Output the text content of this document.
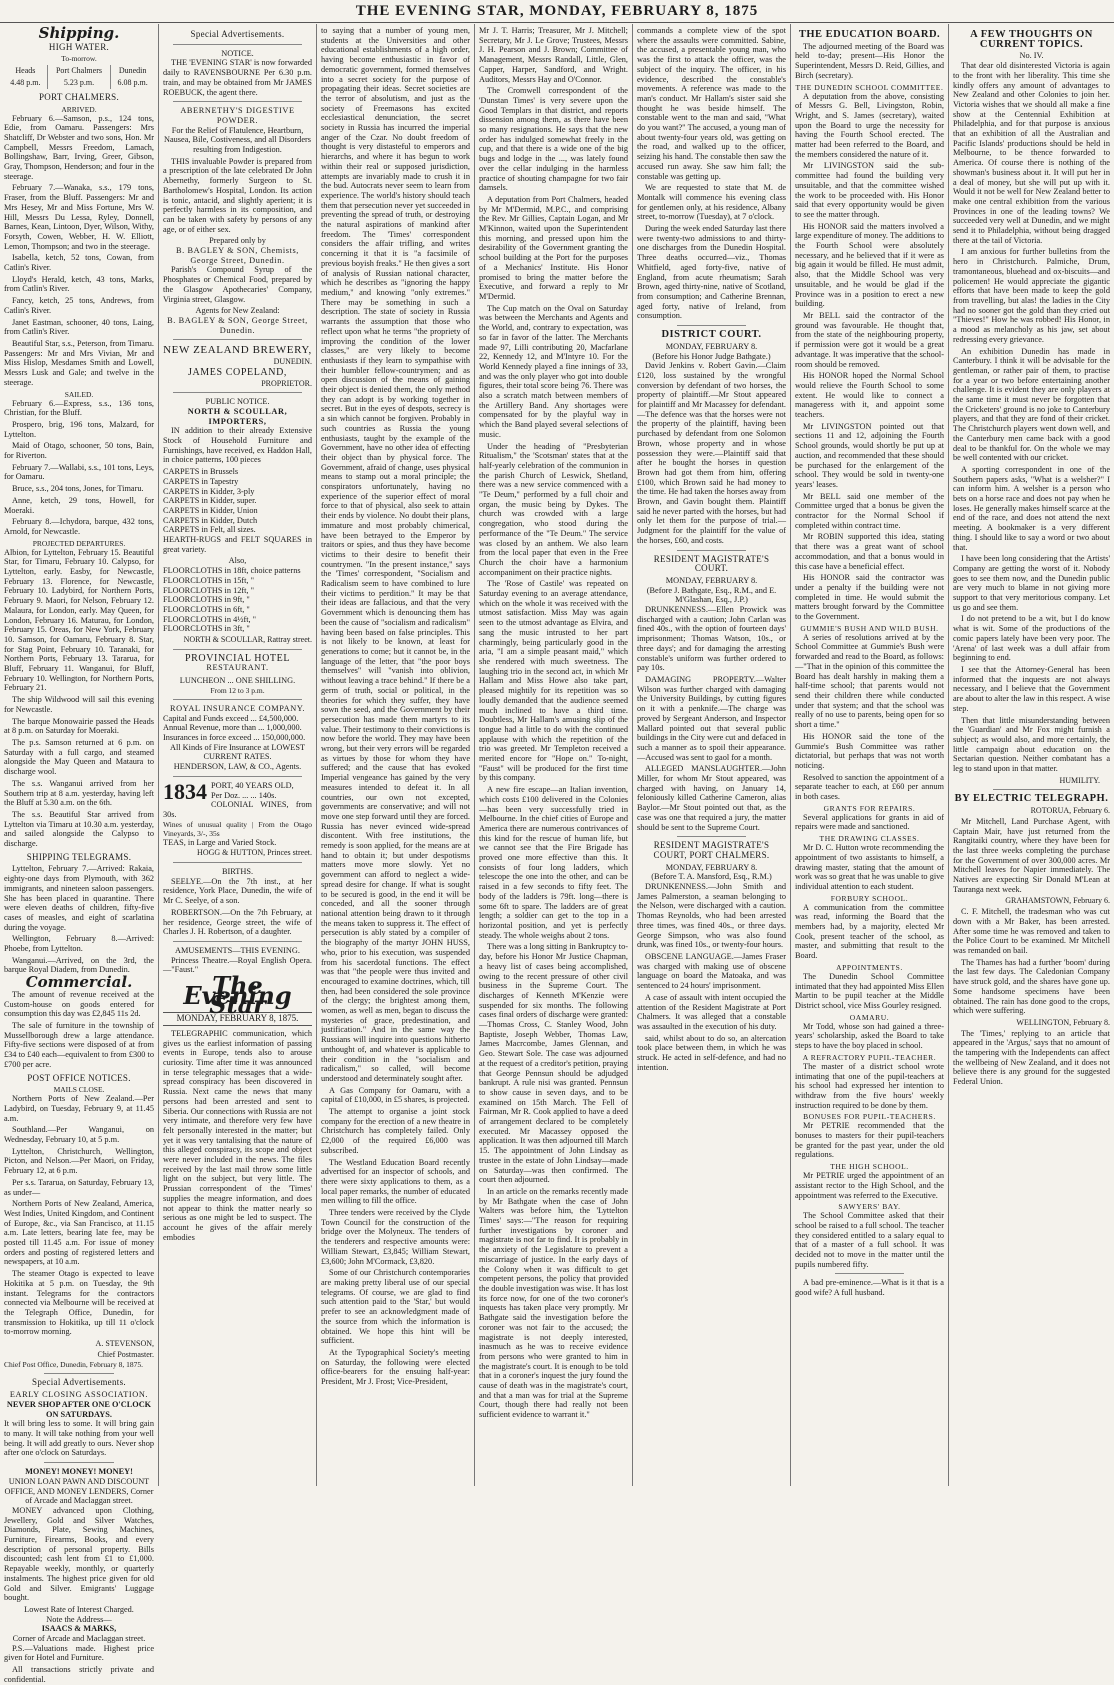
THE EVENING STAR, MONDAY, FEBRUARY 8, 1875
Shipping.
HIGH WATER.
To-morrow.
Heads	Port Chalmers	Dunedin
4.48 p.m.	5.23 p.m.	6.08 p.m.
PORT CHALMERS.
ARRIVED.

February 6.—Samson, p.s., 124 tons, Edie, from Oamaru. Passengers: Mrs Shatcliff, Dr Webster and two sons, Hon. Mr Campbell, Messrs Freedom, Lamach, Bollingshaw, Barr, Irving, Greer, Gibson, Gray, Thompson, Henderson; and four in the steerage.

February 7.—Wanaka, s.s., 179 tons, Fraser, from the Bluff. Passengers: Mr and Mrs Hesey, Mr and Miss Fortune, Mrs W. Hill, Messrs Du Lessa, Ryley, Donnell, Barnes, Kean, Lintoon, Dyer, Wilson, Withy, Forsyth, Cowen, Webber, H. W. Elliott, Lemon, Thompson; and two in the steerage.

Isabella, ketch, 52 tons, Cowan, from Catlin's River.

Lloyd's Herald, ketch, 43 tons, Marks, from Catlin's River.

Fancy, ketch, 25 tons, Andrews, from Catlin's River.

Janet Eastman, schooner, 40 tons, Laing, from Catlin's River.

Beautiful Star, s.s., Peterson, from Timaru. Passengers: Mr and Mrs Vivian, Mr and Miss Hislop, Mesdames Smith and Lowell, Messrs Lusk and Gale; and twelve in the steerage.

SAILED.

February 6.—Express, s.s., 136 tons, Christian, for the Bluff.

Prospero, brig, 196 tons, Malzard, for Lyttelton.

Maid of Otago, schooner, 50 tons, Bain, for Riverton.

February 7.—Wallabi, s.s., 101 tons, Leys, for Oamaru.

Bruce, s.s., 204 tons, Jones, for Timaru.

Anne, ketch, 29 tons, Howell, for Moeraki.

February 8.—Ichydora, barque, 432 tons, Arnold, for Newcastle.

PROJECTED DEPARTURES.

Albion, for Lyttelton, February 15. Beautiful Star, for Timaru, February 10. Calypso, for Lyttelton, early. Easby, for Newcastle, February 13. Florence, for Newcastle, February 10. Ladybird, for Northern Ports, February 9. Maori, for Nelson, February 12. Malaura, for London, early. May Queen, for London, February 16. Maturau, for London, February 15. Oreas, for New York, February 10. Samson, for Oamaru, February 8. Star, for Stag Point, February 10. Taranaki, for Northern Ports, February 13. Tararua, for Bluff, February 11. Wanganui, for Bluff, February 10. Wellington, for Northern Ports, February 21.

The ship Wildwood will sail this evening for Newcastle.

The barque Monowairie passed the Heads at 8 p.m. on Saturday for Moeraki.

The p.s. Samson returned at 6 p.m. on Saturday with a full cargo, and steamed alongside the May Queen and Mataura to discharge wool.

The s.s. Wanganui arrived from her Southern trip at 8 a.m. yesterday, having left the Bluff at 5.30 a.m. on the 6th.

The s.s. Beautiful Star arrived from Lyttelton via Timaru at 10.30 a.m. yesterday, and sailed alongside the Calypso to discharge.

SHIPPING TELEGRAMS.

Lyttelton, February 7.—Arrived: Rakaia, eighty-one days from Plymouth, with 362 immigrants, and nineteen saloon passengers. She has been placed in quarantine. There were eleven deaths of children, fifty-five cases of measles, and eight of scarlatina during the voyage.

Wellington, February 8.—Arrived: Phoebe, from Lyttelton.

Wanganui.—Arrived, on the 3rd, the barque Royal Diadem, from Dunedin.

Commercial.

The amount of revenue received at the Custom-house on goods entered for consumption this day was £2,845 11s 2d.

The sale of furniture in the township of Mussellborough drew a large attendance. Fifty-five sections were disposed of at from £34 to £40 each—equivalent to from £300 to £700 per acre.

POST OFFICE NOTICES.
MAILS CLOSE.

Northern Ports of New Zealand.—Per Ladybird, on Tuesday, February 9, at 11.45 a.m.

Southland.—Per Wanganui, on Wednesday, February 10, at 5 p.m.

Lyttelton, Christchurch, Wellington, Picton, and Nelson.—Per Maori, on Friday, February 12, at 6 p.m.

Per s.s. Tararua, on Saturday, February 13, as under—

Northern Ports of New Zealand, America, West Indies, United Kingdom, and Continent of Europe, &c., via San Francisco, at 11.15 a.m. Late letters, bearing late fee, may be posted till 11.45 a.m. For issue of money orders and posting of registered letters and newspapers, at 10 a.m.

The steamer Otago is expected to leave Hokitika at 5 p.m. on Tuesday, the 9th instant. Telegrams for the contractors connected via Melbourne will be received at the Telegraph Office, Dunedin, for transmission to Hokitika, up till 11 o'clock to-morrow morning.

A. STEVENSON,
Chief Postmaster.
Chief Post Office, Dunedin, February 8, 1875.
Special Advertisements.
EARLY CLOSING ASSOCIATION.
NEVER SHOP AFTER ONE O'CLOCK ON SATURDAYS.

It will bring less to some. It will bring gain to many. It will take nothing from your well being. It will add greatly to ours. Never shop after one o'clock on Saturdays.

MONEY! MONEY! MONEY!
UNION LOAN PAWN AND DISCOUNT OFFICE, AND MONEY LENDERS, Corner of Arcade and Maclaggan street.

MONEY advanced upon Clothing, Jewellery, Gold and Silver Watches, Diamonds, Plate, Sewing Machines, Furniture, Firearms, Books, and every description of personal property. Bills discounted; cash lent from £1 to £1,000. Repayable weekly, monthly, or quarterly instalments. The highest price given for old Gold and Silver. Emigrants' Luggage bought.

Lowest Rate of Interest Charged.
Note the Address—
ISAACS & MARKS,
Corner of Arcade and Maclaggan street.

P.S.—Valuations made. Highest price given for Hotel and Furniture.

All transactions strictly private and confidential.

Special Advertisements.
NOTICE.

THE 'EVENING STAR' is now forwarded daily to RAVENSBOURNE Per 6.30 p.m. train, and may be obtained from Mr JAMES ROEBUCK, the agent there.

ABERNETHY'S DIGESTIVE POWDER.

For the Relief of Flatulence, Heartburn, Nausea, Bile, Costiveness, and all Disorders resulting from Indigestion.

THIS invaluable Powder is prepared from a prescription of the late celebrated Dr John Abernethy, formerly Surgeon to St. Bartholomew's Hospital, London. Its action is tonic, antacid, and slightly aperient; it is perfectly harmless in its composition, and can be taken with safety by persons of any age, or of either sex.

Prepared only by
B. BAGLEY & SON, Chemists, George Street, Dunedin.

Parish's Compound Syrup of the Phosphates or Chemical Food, prepared by the Glasgow Apothecaries' Company, Virginia street, Glasgow.

Agents for New Zealand:
B. BAGLEY & SON, George Street, Dunedin.
NEW ZEALAND BREWERY,
DUNEDIN.
JAMES COPELAND,
PROPRIETOR.
PUBLIC NOTICE.
NORTH & SCOULLAR, IMPORTERS,

IN addition to their already Extensive Stock of Household Furniture and Furnishings, have received, ex Haddon Hall, in choice patterns, 100 pieces

CARPETS in Brussels
CARPETS in Tapestry
CARPETS in Kidder, 3-ply
CARPETS in Kidder, super.
CARPETS in Kidder, Union
CARPETS in Kidder, Dutch
CARPETS in Felt, all sizes.

HEARTH-RUGS and FELT SQUARES in great variety.

Also,
FLOORCLOTHS in 18ft, choice patterns
FLOORCLOTHS in 15ft, "
FLOORCLOTHS in 12ft, "
FLOORCLOTHS in 9ft, "
FLOORCLOTHS in 6ft, "
FLOORCLOTHS in 4½ft, "
FLOORCLOTHS in 3ft, "
NORTH & SCOULLAR, Rattray street.
PROVINCIAL HOTEL
RESTAURANT.
LUNCHEON ... ONE SHILLING.
From 12 to 3 p.m.
ROYAL INSURANCE COMPANY.
Capital and Funds exceed ... £4,500,000.
Annual Revenue, more than ... 1,000,000.
Insurances in force exceed ... 150,000,000.
All Kinds of Fire Insurance at LOWEST CURRENT RATES.
HENDERSON, LAW, & CO., Agents.
1834 PORT, 40 YEARS OLD,
Per Doz. ... ... 140s.
COLONIAL WINES, from 30s.
Wines of unusual quality | From the Otago Vineyards, 3/-, 35s
TEAS, in Large and Varied Stock.
HOGG & HUTTON, Princes street.
BIRTHS.

SEELYE.—On the 7th inst., at her residence, York Place, Dunedin, the wife of Mr C. Seelye, of a son.

ROBERTSON.—On the 7th February, at her residence, George street, the wife of Charles J. H. Robertson, of a daughter.

AMUSEMENTS—THIS EVENING.

Princess Theatre.—Royal English Opera.—"Faust."

The Evening Star
MONDAY, FEBRUARY 8, 1875.

TELEGRAPHIC communication, which gives us the earliest information of passing events in Europe, tends also to arouse curiosity. Time after time it was announced in terse telegraphic messages that a wide-spread conspiracy has been discovered in Russia. Next came the news that many persons had been arrested and sent to Siberia. Our connections with Russia are not very intimate, and therefore very few have felt personally interested in the matter; but yet it was very tantalising that the nature of this alleged conspiracy, its scope and object were never included in the news. The files received by the last mail throw some little light on the subject, but very little. The Prussian correspondent of the 'Times' supplies the meagre information, and does not appear to think the matter nearly so serious as one might be led to suspect. The account he gives of the affair merely embodies

to saying that a number of young men, students at the Universities and other educational establishments of a high order, having become enthusiastic in favor of democratic government, formed themselves into a secret society for the purpose of propagating their ideas. Secret societies are the terror of absolutism, and just as the society of Freemasons has excited ecclesiastical denunciation, the secret society in Russia has incurred the imperial anger of the Czar. No doubt freedom of thought is very distasteful to emperors and hierarchs, and where it has begun to work within their real or supposed jurisdiction, attempts are invariably made to crush it in the bud. Autocrats never seem to learn from experience. The world's history should teach them that persecution never yet succeeded in preventing the spread of truth, or destroying the natural aspirations of mankind after freedom. The 'Times' correspondent considers the affair trifling, and writes concerning it that it is "a facsimile of previous boyish freaks." He then gives a sort of analysis of Russian national character, which he describes as "ignoring the happy medium," and knowing "only extremes." There may be something in such a description. The state of society in Russia warrants the assumption that those who reflect upon what he terms "the propriety of improving the condition of the lower classes," are very likely to become enthusiasts if they learn to sympathise with their humbler fellow-countrymen; and as open discussion of the means of gaining their object is denied them, the only method they can adopt is by working together in secret. But in the eyes of despots, secrecy is a sin which cannot be forgiven. Probably in such countries as Russia the young enthusiasts, taught by the example of the Government, have no other idea of effecting their object than by physical force. The Government, afraid of change, uses physical means to stamp out a moral principle; the conspirators unfortunately, having no experience of the superior effect of moral force to that of physical, also seek to attain their ends by violence. No doubt their plans, immature and most probably chimerical, have been betrayed to the Emperor by traitors or spies, and thus they have become victims to their desire to benefit their countrymen. "In the present instance," says the 'Times' correspondent, "Socialism and Radicalism seem to have combined to lure their victims to perdition." It may be that their ideas are fallacious, and that the very Government which is denouncing them has been the cause of "socialism and radicalism" having been based on false principles. This is not likely to be known, at least for generations to come; but it cannot be, in the language of the letter, that "the poor boys themselves" will "vanish into oblivion, without leaving a trace behind." If there be a germ of truth, social or political, in the theories for which they suffer, they have sown the seed, and the Government by their persecution has made them martyrs to its value. Their testimony to their convictions is now before the world. They may have been wrong, but their very errors will be regarded as virtues by those for whom they have suffered; and the cause that has evoked Imperial vengeance has gained by the very measures intended to defeat it. In all countries, our own not excepted, governments are conservative; and will not move one step forward until they are forced. Russia has never evinced wide-spread discontent. With free institutions, the remedy is soon applied, for the means are at hand to obtain it; but under despotisms matters move more slowly. Yet no government can afford to neglect a wide-spread desire for change. If what is sought to be secured is good, in the end it will be conceded, and all the sooner through national attention being drawn to it through the means taken to suppress it. The effect of persecution is ably stated by a compiler of the biography of the martyr JOHN HUSS, who, prior to his execution, was suspended from his sacerdotal functions. The effect was that "the people were thus invited and encouraged to examine doctrines, which, till then, had been considered the sole province of the clergy; the brightest among them, women, as well as men, began to discuss the mysteries of grace, predestination, and justification." And in the same way the Russians will inquire into questions hitherto unthought of, and whatever is applicable to their condition in the "socialism and radicalism," so called, will become understood and determinately sought after.

A Gas Company for Oamaru, with a capital of £10,000, in £5 shares, is projected.

The attempt to organise a joint stock company for the erection of a new theatre in Christchurch has completely failed. Only £2,000 of the required £6,000 was subscribed.

The Westland Education Board recently advertised for an inspector of schools, and there were sixty applications to them, as a local paper remarks, the number of educated men willing to fill the office.

Three tenders were received by the Clyde Town Council for the construction of the bridge over the Molyneux. The tenders of the tenderers and respective amounts were: William Stewart, £3,845; William Stewart, £3,600; John M'Cormack, £3,820.

Some of our Christchurch contemporaries are making pretty liberal use of our special telegrams. Of course, we are glad to find such attention paid to the 'Star,' but would prefer to see an acknowledgment made of the source from which the information is obtained. We hope this hint will be sufficient.

At the Typographical Society's meeting on Saturday, the following were elected office-bearers for the ensuing half-year: President, Mr J. Frost; Vice-President,

Mr J. T. Harris; Treasurer, Mr J. Mitchell; Secretary, Mr J. Le Grove; Trustees, Messrs J. H. Pearson and J. Brown; Committee of Management, Messrs Randall, Little, Glen, Capper, Harper, Sandford, and Wright. Auditors, Messrs Hay and O'Connor.

The Cromwell correspondent of the 'Dunstan Times' is very severe upon the Good Templars in that district, and reports dissension among them, as there have been so many resignations. He says that the new order has indulged somewhat freely in the cup, and that there is a wide one of the big bugs and lodge in the ..., was lately found over the cellar indulging in the harmless practice of shouting champagne for two fair damsels.

A deputation from Port Chalmers, headed by Mr M'Dermid, M.P.C., and comprising the Rev. Mr Gillies, Captain Logan, and Mr M'Kinnon, waited upon the Superintendent this morning, and pressed upon him the desirability of the Government granting the school building at the Port for the purposes of a Mechanics' Institute. His Honor promised to bring the matter before the Executive, and forward a reply to Mr M'Dermid.

The Cup match on the Oval on Saturday was between the Merchants and Agents and the World, and, contrary to expectation, was so far in favor of the latter. The Merchants made 97, Lilli contributing 20, Macfarlane 22, Kennedy 12, and M'Intyre 10. For the World Kennedy played a fine innings of 33, and was the only player who got into double figures, their total score being 76. There was also a scratch match between members of the Artillery Band. Any shortages were compensated for by the playful way in which the Band played several selections of music.

Under the heading of "Presbyterian Ritualism," the 'Scotsman' states that at the half-yearly celebration of the communion in the parish Church of Leswick, Shetland, there was a new service commenced with a "Te Deum," performed by a full choir and organ, the music being by Dykes. The church was crowded with a large congregation, who stood during the performance of the "Te Deum." The service was closed by an anthem. We also learn from the local paper that even in the Free Church the choir have a harmonium accompaniment on their practice nights.

The 'Rose of Castile' was repeated on Saturday evening to an average attendance, which on the whole it was received with the utmost satisfaction. Miss May was again seen to the utmost advantage as Elvira, and sang the music intrusted to her part charmingly, being particularly good in the aria, "I am a simple peasant maid," which she rendered with much sweetness. The laughing trio in the second act, in which Mr Hallam and Miss Howe also take part, pleased mightily for its repetition was so loudly demanded that the audience seemed much inclined to have a third time. Doubtless, Mr Hallam's amusing slip of the tongue had a little to do with the continued applause with which the repetition of the trio was greeted. Mr Templeton received a merited encore for "Hope on." To-night, "Faust" will be produced for the first time by this company.

A new fire escape—an Italian invention, which costs £100 delivered in the Colonies—has been very successfully tried in Melbourne. In the chief cities of Europe and America there are numerous contrivances of this kind for the rescue of human life, but we cannot see that the Fire Brigade has proved one more effective than this. It consists of four long ladders, which telescope the one into the other, and can be raised in a few seconds to fifty feet. The body of the ladders is 79ft. long—there is some 6ft to spare. The ladders are of great length; a soldier can get to the top in a horizontal position, and yet is perfectly steady. The whole weighs about 2 tons.

There was a long sitting in Bankruptcy to-day, before his Honor Mr Justice Chapman, a heavy list of cases being accomplished, owing to the recent pressure of other civil business in the Supreme Court. The discharges of Kenneth M'Kenzie were suspended for six months. The following cases final orders of discharge were granted:—Thomas Cross, C. Stanley Wood, John Baptiste, Joseph Webber, Thomas Law, James Macrcombe, James Glennan, and Geo. Stewart Sole. The case was adjourned at the request of a creditor's petition, praying that George Pennsun should be adjudged bankrupt. A rule nisi was granted. Pennsun to show cause in seven days, and to be examined on 15th March. The Fell of Fairman, Mr R. Cook applied to have a deed of arrangement declared to be completely executed. Mr Macassey opposed the application. It was then adjourned till March 15. The appointment of John Lindsay as trustee in the estate of John Lindsay—made on Saturday—was then confirmed. The court then adjourned.

In an article on the remarks recently made by Mr Bathgate when the case of John Walters was before him, the 'Lyttelton Times' says:—"The reason for requiring further investigations by coroner and magistrate is not far to find. It is probably in the anxiety of the Legislature to prevent a miscarriage of justice. In the early days of the Colony when it was difficult to get competent persons, the policy that provided the double investigation was wise. It has lost its force now, for one of the two coroner's inquests has taken place very promptly. Mr Bathgate said the investigation before the coroner was not fair to the accused; the magistrate is not deeply interested, inasmuch as he was to receive evidence from persons who were granted to him in the magistrate's court. It is enough to be told that in a coroner's inquest the jury found the cause of death was in the magistrate's court, and that a man was for trial at the Supreme Court, though there had really not been sufficient evidence to warrant it."

commands a complete view of the spot where the assaults were committed. Sabine, the accused, a presentable young man, who was the first to attack the officer, was the subject of the inquiry. The officer, in his evidence, described the constable's movements. A reference was made to the man's conduct. Mr Hallam's sister said she thought he was beside himself. The constable went to the man and said, "What do you want?" The accused, a young man of about twenty-four years old, was getting on the road, and walked up to the officer, seizing his hand. The constable then saw the accused run away. She saw him fall; the constable was getting up.

We are requested to state that M. de Montalk will commence his evening class for gentlemen only, at his residence, Albany street, to-morrow (Tuesday), at 7 o'clock.

During the week ended Saturday last there were twenty-two admissions to and thirty-one discharges from the Dunedin Hospital. Three deaths occurred—viz., Thomas Whitfield, aged forty-five, native of England, from acute rheumatism; Sarah Brown, aged thirty-nine, native of Scotland, from consumption; and Catherine Brennan, aged forty, native of Ireland, from consumption.

DISTRICT COURT.
MONDAY, FEBRUARY 8.
(Before his Honor Judge Bathgate.)

David Jenkins v. Robert Gavin.—Claim £120, loss sustained by the wrongful conversion by defendant of two horses, the property of plaintiff.—Mr Stout appeared for plaintiff and Mr Macassey for defendant.—The defence was that the horses were not the property of the plaintiff, having been purchased by defendant from one Solomon Brown, whose property and in whose possession they were.—Plaintiff said that after he bought the horses in question Brown had got them from him, offering £100, which Brown said he had money to the time. He had taken the horses away from Brown, and Gavin bought them. Plaintiff said he never parted with the horses, but had only let them for the purpose of trial.—Judgment for the plaintiff for the value of the horses, £60, and costs.

RESIDENT MAGISTRATE'S COURT.
MONDAY, FEBRUARY 8.
(Before J. Bathgate, Esq., R.M., and E. M'Glashan, Esq., J.P.)

DRUNKENNESS.—Ellen Prowick was discharged with a caution; John Carlan was fined 40s., with the option of fourteen days' imprisonment; Thomas Watson, 10s., or three days'; and for damaging the arresting constable's uniform was further ordered to pay 10s.

DAMAGING PROPERTY.—Walter Wilson was further charged with damaging the University Buildings, by cutting figures on it with a penknife.—The charge was proved by Sergeant Anderson, and Inspector Mallard pointed out that several public buildings in the City were cut and defaced in such a manner as to spoil their appearance.—Accused was sent to gaol for a month.

ALLEGED MANSLAUGHTER.—John Miller, for whom Mr Stout appeared, was charged with having, on January 14, feloniously killed Catherine Cameron, alias Baylor.—Mr Stout pointed out that, as the case was one that required a jury, the matter should be sent to the Supreme Court.

RESIDENT MAGISTRATE'S COURT, PORT CHALMERS.
MONDAY, FEBRUARY 8.
(Before T. A. Mansford, Esq., R.M.)

DRUNKENNESS.—John Smith and James Palmerston, a seaman belonging to the Nelson, were discharged with a caution. Thomas Reynolds, who had been arrested three times, was fined 40s., or three days. George Simpson, who was also found drunk, was fined 10s., or twenty-four hours.

OBSCENE LANGUAGE.—James Fraser was charged with making use of obscene language on board the Matoaka, and was sentenced to 24 hours' imprisonment.

A case of assault with intent occupied the attention of the Resident Magistrate at Port Chalmers. It was alleged that a constable was assaulted in the execution of his duty.

said, whilst about to do so, an altercation took place between them, in which he was struck. He acted in self-defence, and had no intention.

THE EDUCATION BOARD.

The adjourned meeting of the Board was held to-day; present—His Honor the Superintendent, Messrs D. Reid, Gillies, and Birch (secretary).

THE DUNEDIN SCHOOL COMMITTEE.

A deputation from the above, consisting of Messrs G. Bell, Livingston, Robin, Wright, and S. James (secretary), waited upon the Board to urge the necessity for having the Fourth School erected. The matter had been referred to the Board, and the members considered the nature of it.

Mr LIVINGSTON said the sub-committee had found the building very unsuitable, and that the committee wished the work to be proceeded with. His Honor said that every opportunity would be given to see the matter through.

His HONOR said the matters involved a large expenditure of money. The additions to the Fourth School were absolutely necessary, and he believed that if it were as big again it would be filled. He must admit, also, that the Middle School was very unsuitable, and he would be glad if the Province was in a position to erect a new building.

Mr BELL said the contractor of the ground was favourable. He thought that, from the state of the neighbouring property, if permission were got it would be a great advantage. It was imperative that the school-room should be removed.

His HONOR hoped the Normal School would relieve the Fourth School to some extent. He would like to connect a manageress with it, and appoint some teachers.

Mr LIVINGSTON pointed out that sections 11 and 12, adjoining the Fourth School grounds, would shortly be put up at auction, and recommended that these should be purchased for the enlargement of the school. They would be sold in twenty-one years' leases.

Mr BELL said one member of the Committee urged that a bonus be given the contractor for the Normal School if completed within contract time.

Mr ROBIN supported this idea, stating that there was a great want of school accommodation, and that a bonus would in this case have a beneficial effect.

His HONOR said the contractor was under a penalty if the building were not completed in time. He would submit the matters brought forward by the Committee to the Government.

GUMMIE'S BUSH AND WILD BUSH.

A series of resolutions arrived at by the School Committee at Gummie's Bush were forwarded and read to the Board, as follows:—"That in the opinion of this committee the Board has dealt harshly in making them a half-time school; that parents would not send their children there while conducted under that system; and that the school was really of no use to parents, being open for so short a time."

His HONOR said the tone of the Gummie's Bush Committee was rather dictatorial, but perhaps that was not worth noticing.

Resolved to sanction the appointment of a separate teacher to each, at £60 per annum in both cases.

GRANTS FOR REPAIRS.

Several applications for grants in aid of repairs were made and sanctioned.

THE DRAWING CLASSES.

Mr D. C. Hutton wrote recommending the appointment of two assistants to himself, a drawing master, stating that the amount of work was so great that he was unable to give individual attention to each student.

FORBURY SCHOOL.

A communication from the committee was read, informing the Board that the members had, by a majority, elected Mr Cook, present teacher of the school, as master, and submitting that result to the Board.

APPOINTMENTS.

The Dunedin School Committee intimated that they had appointed Miss Ellen Martin to be pupil teacher at the Middle District school, vice Miss Gourley resigned.

OAMARU.

Mr Todd, whose son had gained a three-years' scholarship, asked the Board to take steps to have the boy placed in school.

A REFRACTORY PUPIL-TEACHER.

The master of a district school wrote intimating that one of the pupil-teachers at his school had expressed her intention to withdraw from the five hours' weekly instruction required to be done by them.

BONUSES FOR PUPIL-TEACHERS.

Mr PETRIE recommended that the bonuses to masters for their pupil-teachers be granted for the past year, under the old regulations.

THE HIGH SCHOOL.

Mr PETRIE urged the appointment of an assistant rector to the High School, and the appointment was referred to the Executive.

SAWYERS' BAY.

The School Committee asked that their school be raised to a full school. The teacher they considered entitled to a salary equal to that of a master of a full school. It was decided not to move in the matter until the pupils numbered fifty.

A bad pre-eminence.—What is it that is a good wife? A full husband.

A FEW THOUGHTS ON CURRENT TOPICS.
No. IV.

That dear old disinterested Victoria is again to the front with her liberality. This time she kindly offers any amount of advantages to New Zealand and other Colonies to join her. Victoria wishes that we should all make a fine show at the Centennial Exhibition at Philadelphia, and for that purpose is anxious that an exhibition of all the Australian and Pacific Islands' productions should be held in Melbourne, to be thence forwarded to America. Of course there is nothing of the showman's business about it. It will put her in a deal of money, but she will put up with it. Would it not be well for New Zealand better to make one central exhibition from the various Provinces in one of the leading towns? We succeeded very well at Dunedin, and we might send it to Philadelphia, without being dragged there at the tail of Victoria.

I am anxious for further bulletins from the hero in Christchurch. Palmiche, Drum, tramontaneous, bluehead and ox-biscuits—and policemen! He would appreciate the gigantic efforts that have been made to keep the gold from travelling, but alas! the ladies in the City had no sooner got the gold than they cried out "Thieves!" How he was robbed! His Honor, in a mood as melancholy as his jaw, set about redressing every grievance.

An exhibition Dunedin has made in Canterbury. I think it will be advisable for the gentleman, or rather pair of them, to practise for a year or two before entertaining another challenge. It is evident they are only players at the same time it must never be forgotten that the Cricketers' ground is no joke to Canterbury players, and that they are fond of their cricket. The Christchurch players went down well, and the Canterbury men came back with a good deal to be thankful for. On the whole we may be well contented with our cricket.

A sporting correspondent in one of the Southern papers asks, "What is a welsher?" I can inform him. A welsher is a person who bets on a horse race and does not pay when he loses. He generally makes himself scarce at the end of the race, and does not attend the next meeting. A bookmaker is a very different thing. I should like to say a word or two about that.

I have been long considering that the Artists' Company are getting the worst of it. Nobody goes to see them now, and the Dunedin public are very much to blame in not giving more support to that very meritorious company. Let us go and see them.

I do not pretend to be a wit, but I do know what is wit. Some of the productions of the comic papers lately have been very poor. The 'Arena' of last week was a dull affair from beginning to end.

I see that the Attorney-General has been informed that the inquests are not always necessary, and I believe that the Government are about to alter the law in this respect. A wise step.

Then that little misunderstanding between the 'Guardian' and Mr Fox might furnish a subject; as would also, and more certainly, the little campaign about education on the Sectarian question. Neither combatant has a leg to stand upon in that matter.

HUMILITY.
BY ELECTRIC TELEGRAPH.
ROTORUA, February 6.

Mr Mitchell, Land Purchase Agent, with Captain Mair, have just returned from the Rangitaiki country, where they have been for the last three weeks completing the purchase for the Government of over 300,000 acres. Mr Mitchell leaves for Napier immediately. The Natives are expecting Sir Donald M'Lean at Tauranga next week.

GRAHAMSTOWN, February 6.

C. F. Mitchell, the tradesman who was cut down with a Mr Baker, has been arrested. After some time he was removed and taken to the Police Court to be examined. Mr Mitchell was remanded on bail.

The Thames has had a further 'boom' during the last few days. The Caledonian Company have struck gold, and the shares have gone up. Some handsome specimens have been obtained. The rain has done good to the crops, which were suffering.

WELLINGTON, February 8.

The 'Times,' replying to an article that appeared in the 'Argus,' says that no amount of the tampering with the Independents can affect the wellbeing of New Zealand, and it does not believe there is any ground for the suggested Federal Union.
